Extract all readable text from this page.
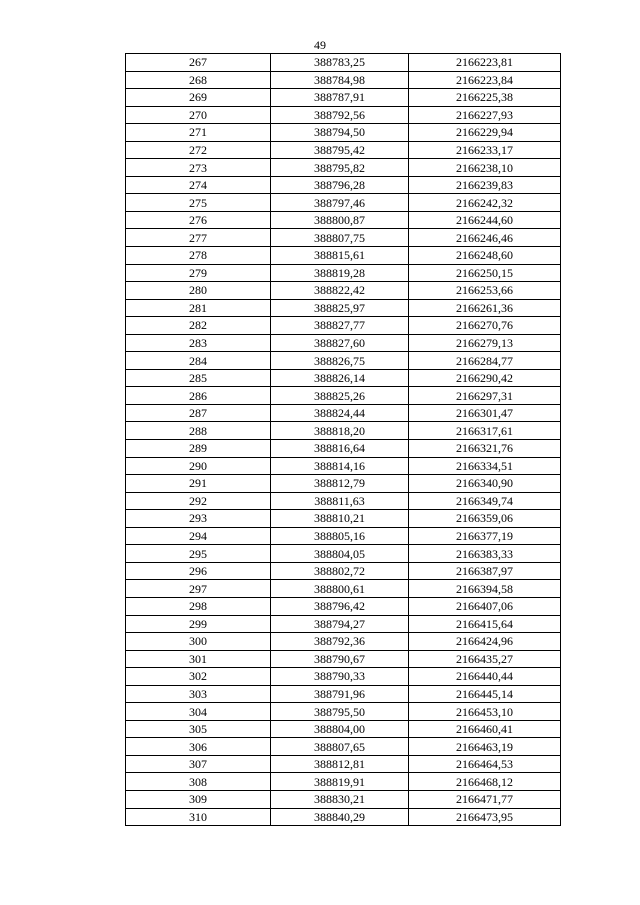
49
267	388783,25	2166223,81
268	388784,98	2166223,84
269	388787,91	2166225,38
270	388792,56	2166227,93
271	388794,50	2166229,94
272	388795,42	2166233,17
273	388795,82	2166238,10
274	388796,28	2166239,83
275	388797,46	2166242,32
276	388800,87	2166244,60
277	388807,75	2166246,46
278	388815,61	2166248,60
279	388819,28	2166250,15
280	388822,42	2166253,66
281	388825,97	2166261,36
282	388827,77	2166270,76
283	388827,60	2166279,13
284	388826,75	2166284,77
285	388826,14	2166290,42
286	388825,26	2166297,31
287	388824,44	2166301,47
288	388818,20	2166317,61
289	388816,64	2166321,76
290	388814,16	2166334,51
291	388812,79	2166340,90
292	388811,63	2166349,74
293	388810,21	2166359,06
294	388805,16	2166377,19
295	388804,05	2166383,33
296	388802,72	2166387,97
297	388800,61	2166394,58
298	388796,42	2166407,06
299	388794,27	2166415,64
300	388792,36	2166424,96
301	388790,67	2166435,27
302	388790,33	2166440,44
303	388791,96	2166445,14
304	388795,50	2166453,10
305	388804,00	2166460,41
306	388807,65	2166463,19
307	388812,81	2166464,53
308	388819,91	2166468,12
309	388830,21	2166471,77
310	388840,29	2166473,95
